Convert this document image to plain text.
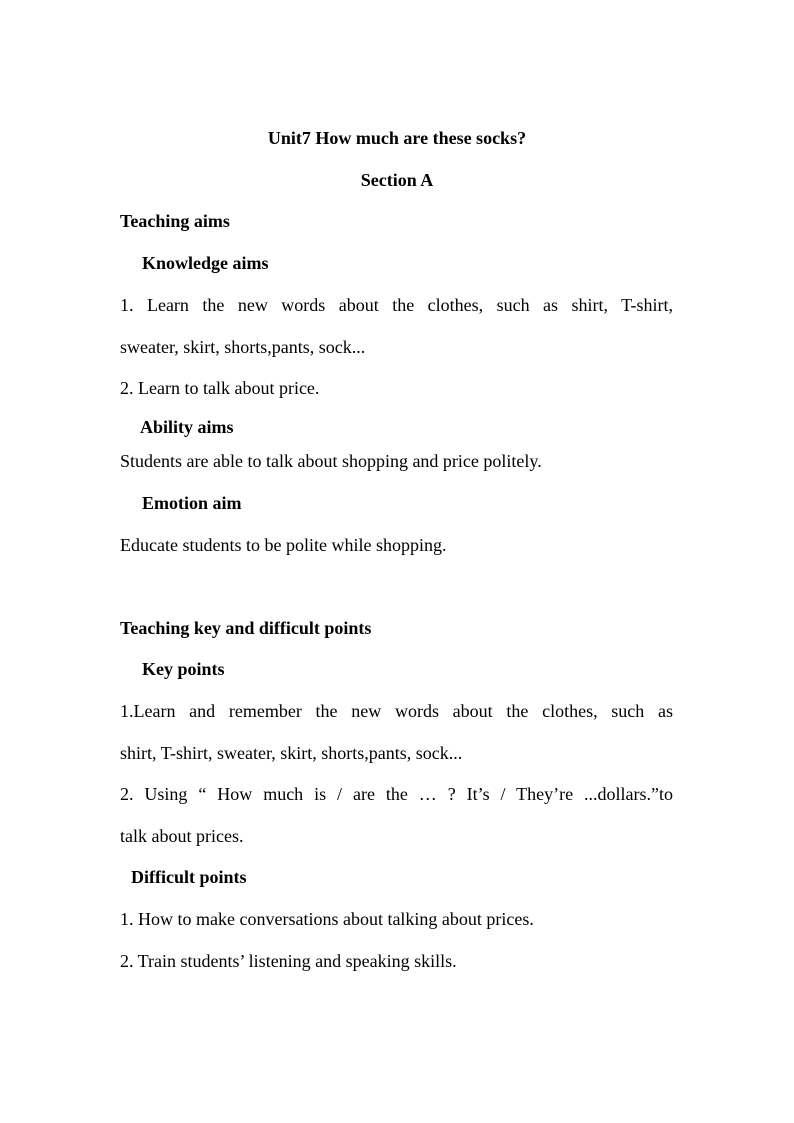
Unit7 How much are these socks?
Section A
Teaching aims
Knowledge aims
1. Learn the new words about the clothes, such as shirt, T-shirt,
sweater, skirt, shorts,pants, sock...
2. Learn to talk about price.
Ability aims
Students are able to talk about shopping and price politely.
Emotion aim
Educate students to be polite while shopping.
Teaching key and difficult points
Key points
1.Learn and remember the new words about the clothes, such as
shirt, T-shirt, sweater, skirt, shorts,pants, sock...
2. Using “ How much is / are the … ? It’s / They’re ...dollars.”to
talk about prices.
Difficult points
1. How to make conversations about talking about prices.
2. Train students’ listening and speaking skills.
